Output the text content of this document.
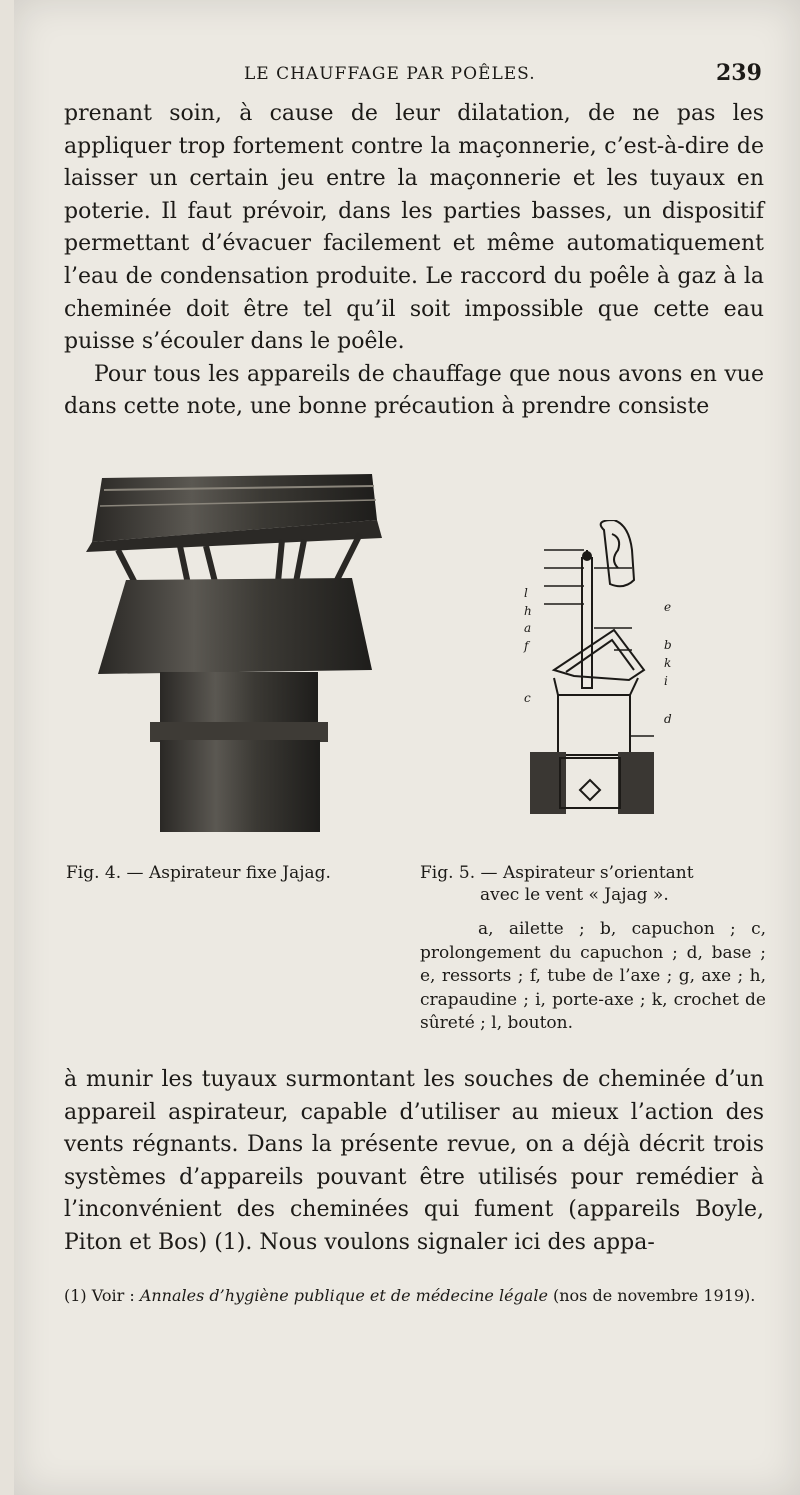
LE CHAUFFAGE PAR POÊLES.	239

prenant soin, à cause de leur dilatation, de ne pas les appliquer trop fortement contre la maçonnerie, c’est-à-dire de laisser un certain jeu entre la maçonnerie et les tuyaux en poterie. Il faut prévoir, dans les parties basses, un dispositif permettant d’évacuer facilement et même automatiquement l’eau de condensation produite. Le raccord du poêle à gaz à la cheminée doit être tel qu’il soit impossible que cette eau puisse s’écouler dans le poêle.

Pour tous les appareils de chauffage que nous avons en vue dans cette note, une bonne précaution à prendre consiste

l
h
a
f
c
e
b
k
i
d
Fig. 4. — Aspirateur fixe Jajag.	Fig. 5. — Aspirateur s’orientant
avec le vent « Jajag ».
a, ailette ; b, capuchon ; c, prolongement du capuchon ; d, base ; e, ressorts ; f, tube de l’axe ; g, axe ; h, crapaudine ; i, porte-axe ; k, crochet de sûreté ; l, bouton.

à munir les tuyaux surmontant les souches de cheminée d’un appareil aspirateur, capable d’utiliser au mieux l’action des vents régnants. Dans la présente revue, on a déjà décrit trois systèmes d’appareils pouvant être utilisés pour remédier à l’inconvénient des cheminées qui fument (appareils Boyle, Piton et Bos) (1). Nous voulons signaler ici des appa-

(1) Voir : Annales d’hygiène publique et de médecine légale (nos de novembre 1919).
